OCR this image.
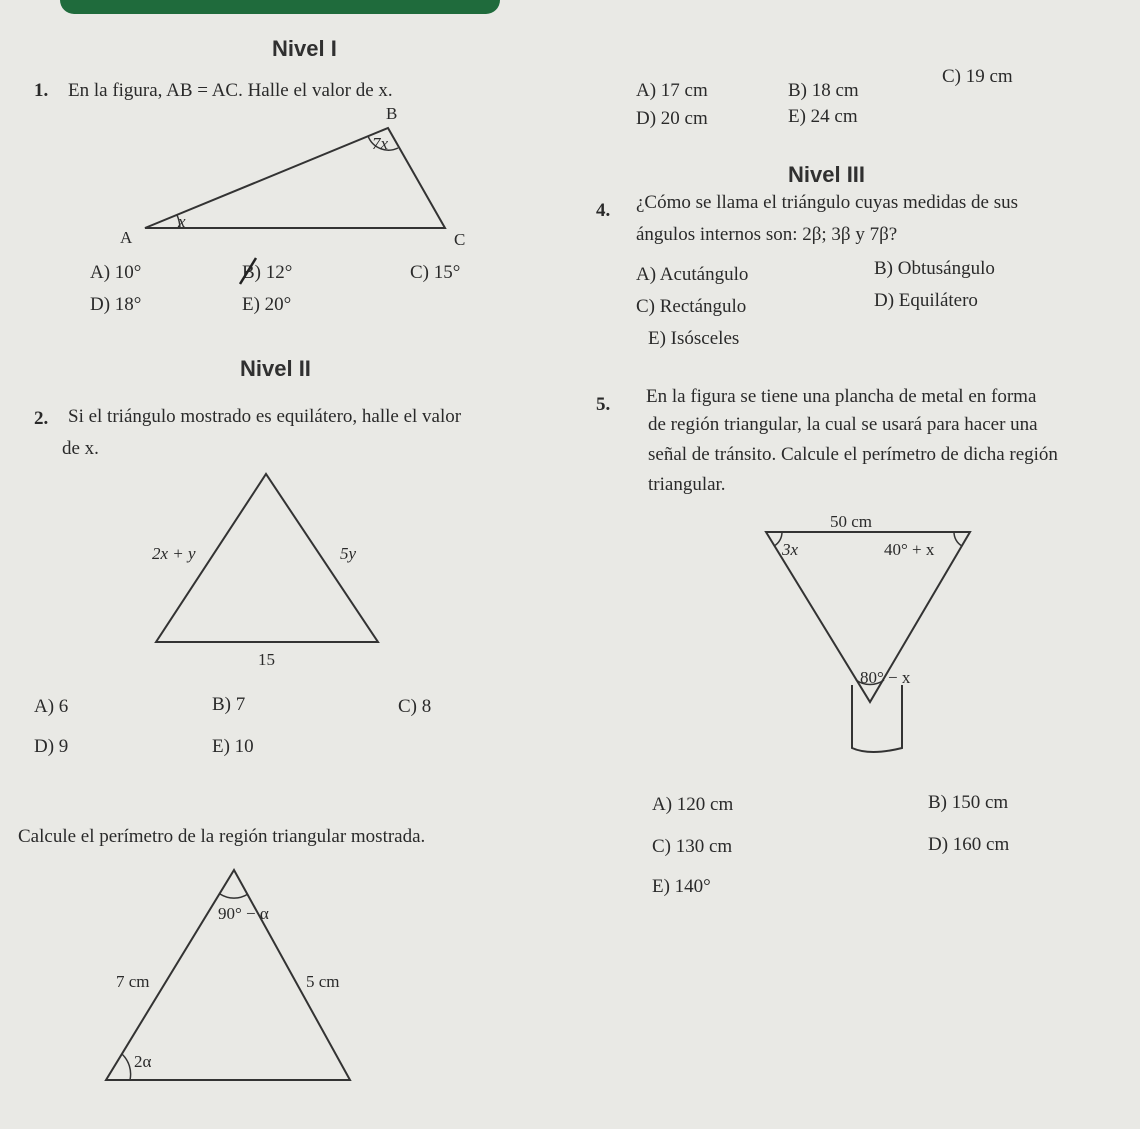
Nivel I
1. En la figura, AB = AC. Halle el valor de x.
B
A	C
7x
x
A) 10°	B) 12°	C) 15°
D) 18°	E) 20°
A) 17 cm	B) 18 cm
C) 19 cm
D) 20 cm	E) 24 cm
Nivel III
4. ¿Cómo se llama el triángulo cuyas medidas de sus
ángulos internos son: 2β; 3β y 7β?
A) Acutángulo	B) Obtusángulo
C) Rectángulo	D) Equilátero
E) Isósceles
Nivel II
2. Si el triángulo mostrado es equilátero, halle el valor
de x.
2x + y	5y
15
A) 6	B) 7	C) 8
D) 9	E) 10
5. En la figura se tiene una plancha de metal en forma
de región triangular, la cual se usará para hacer una
señal de tránsito. Calcule el perímetro de dicha región
triangular.
50 cm
3x	40° + x
80° − x
A) 120 cm	B) 150 cm
C) 130 cm	D) 160 cm
E) 140°
Calcule el perímetro de la región triangular mostrada.
90° − α
7 cm	5 cm
2α
